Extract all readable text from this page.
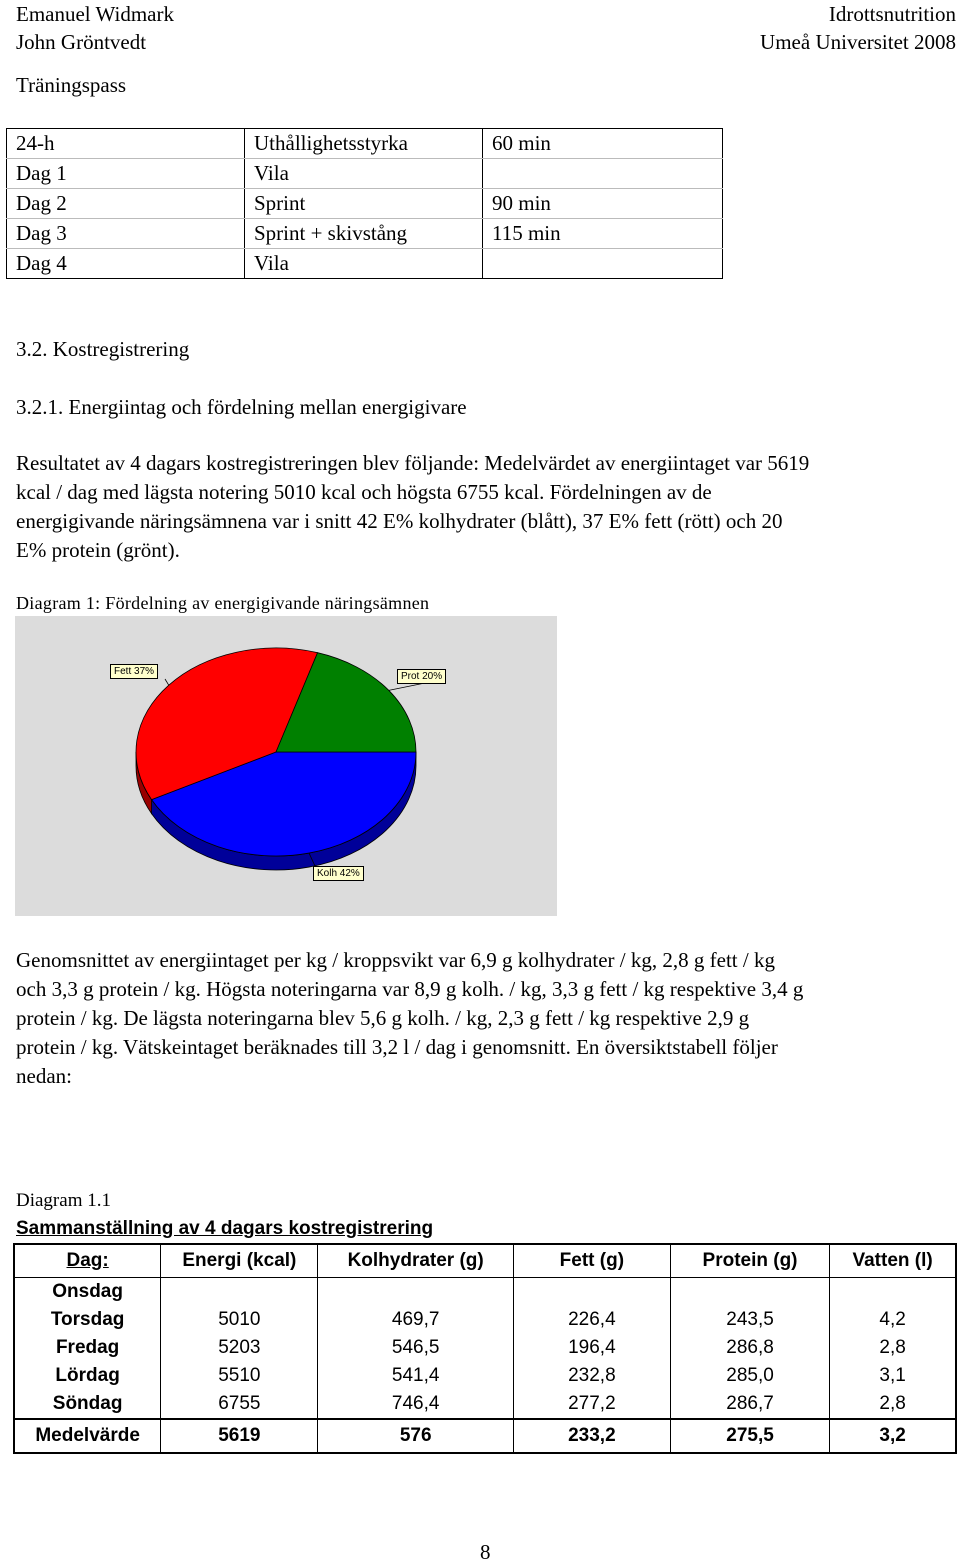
Emanuel Widmark
John Gröntvedt
Idrottsnutrition
Umeå Universitet 2008
Träningspass
24-h	Uthållighetsstyrka	60 min
Dag 1	Vila	
Dag 2	Sprint	90 min
Dag 3	Sprint + skivstång	115 min
Dag 4	Vila	
3.2. Kostregistrering
3.2.1. Energiintag och fördelning mellan energigivare
Resultatet av 4 dagars kostregistreringen blev följande: Medelvärdet av energiintaget var 5619
kcal / dag med lägsta notering 5010 kcal och högsta 6755 kcal. Fördelningen av de
energigivande näringsämnena var i snitt 42 E% kolhydrater (blått), 37 E% fett (rött) och 20
E% protein (grönt).
Diagram 1: Fördelning av energigivande näringsämnen
Fett 37%	Prot 20%
Kolh 42%
Genomsnittet av energiintaget per kg / kroppsvikt var 6,9 g kolhydrater / kg, 2,8 g fett / kg
och 3,3 g protein / kg. Högsta noteringarna var 8,9 g kolh. / kg, 3,3 g fett / kg respektive 3,4 g
protein / kg. De lägsta noteringarna blev 5,6 g kolh. / kg, 2,3 g fett / kg respektive 2,9 g
protein / kg. Vätskeintaget beräknades till 3,2 l / dag i genomsnitt. En översiktstabell följer
nedan:
Diagram 1.1
Sammanställning av 4 dagars kostregistrering
Dag:	Energi (kcal)	Kolhydrater (g)	Fett (g)	Protein (g)	Vatten (l)
Onsdag					
Torsdag	5010	469,7	226,4	243,5	4,2
Fredag	5203	546,5	196,4	286,8	2,8
Lördag	5510	541,4	232,8	285,0	3,1
Söndag	6755	746,4	277,2	286,7	2,8
Medelvärde	5619	576	233,2	275,5	3,2
8
